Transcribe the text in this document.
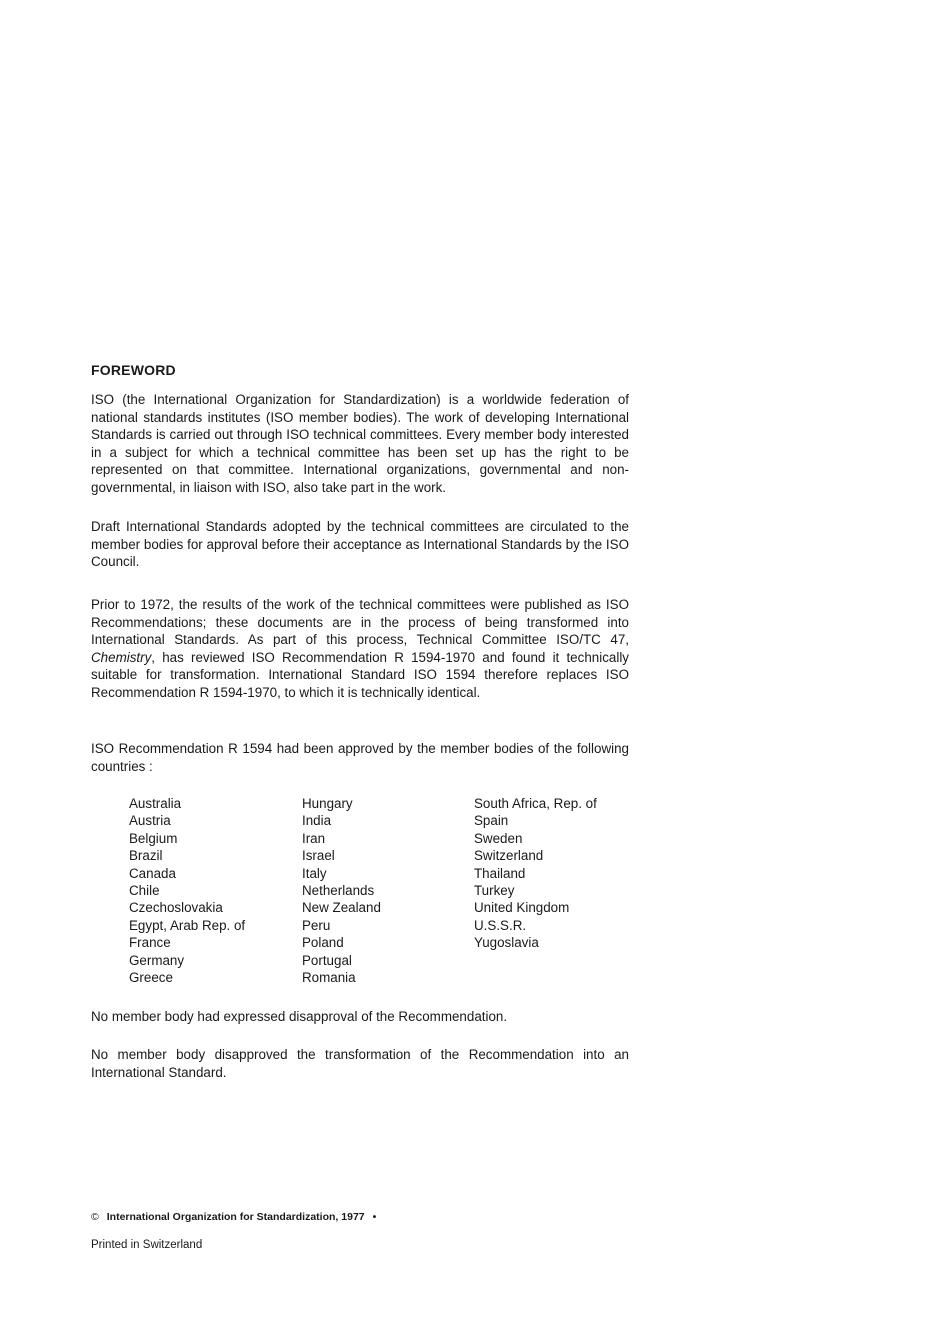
FOREWORD
ISO (the International Organization for Standardization) is a worldwide federation of national standards institutes (ISO member bodies). The work of developing International Standards is carried out through ISO technical committees. Every member body interested in a subject for which a technical committee has been set up has the right to be represented on that committee. International organizations, governmental and non-governmental, in liaison with ISO, also take part in the work.
Draft International Standards adopted by the technical committees are circulated to the member bodies for approval before their acceptance as International Standards by the ISO Council.
Prior to 1972, the results of the work of the technical committees were published as ISO Recommendations; these documents are in the process of being transformed into International Standards. As part of this process, Technical Committee ISO/TC 47, Chemistry, has reviewed ISO Recommendation R 1594-1970 and found it technically suitable for transformation. International Standard ISO 1594 therefore replaces ISO Recommendation R 1594-1970, to which it is technically identical.
ISO Recommendation R 1594 had been approved by the member bodies of the following countries :
Australia
Austria
Belgium
Brazil
Canada
Chile
Czechoslovakia
Egypt, Arab Rep. of
France
Germany
Greece
Hungary
India
Iran
Israel
Italy
Netherlands
New Zealand
Peru
Poland
Portugal
Romania
South Africa, Rep. of
Spain
Sweden
Switzerland
Thailand
Turkey
United Kingdom
U.S.S.R.
Yugoslavia
No member body had expressed disapproval of the Recommendation.
No member body disapproved the transformation of the Recommendation into an International Standard.
© International Organization for Standardization, 1977 •
Printed in Switzerland
